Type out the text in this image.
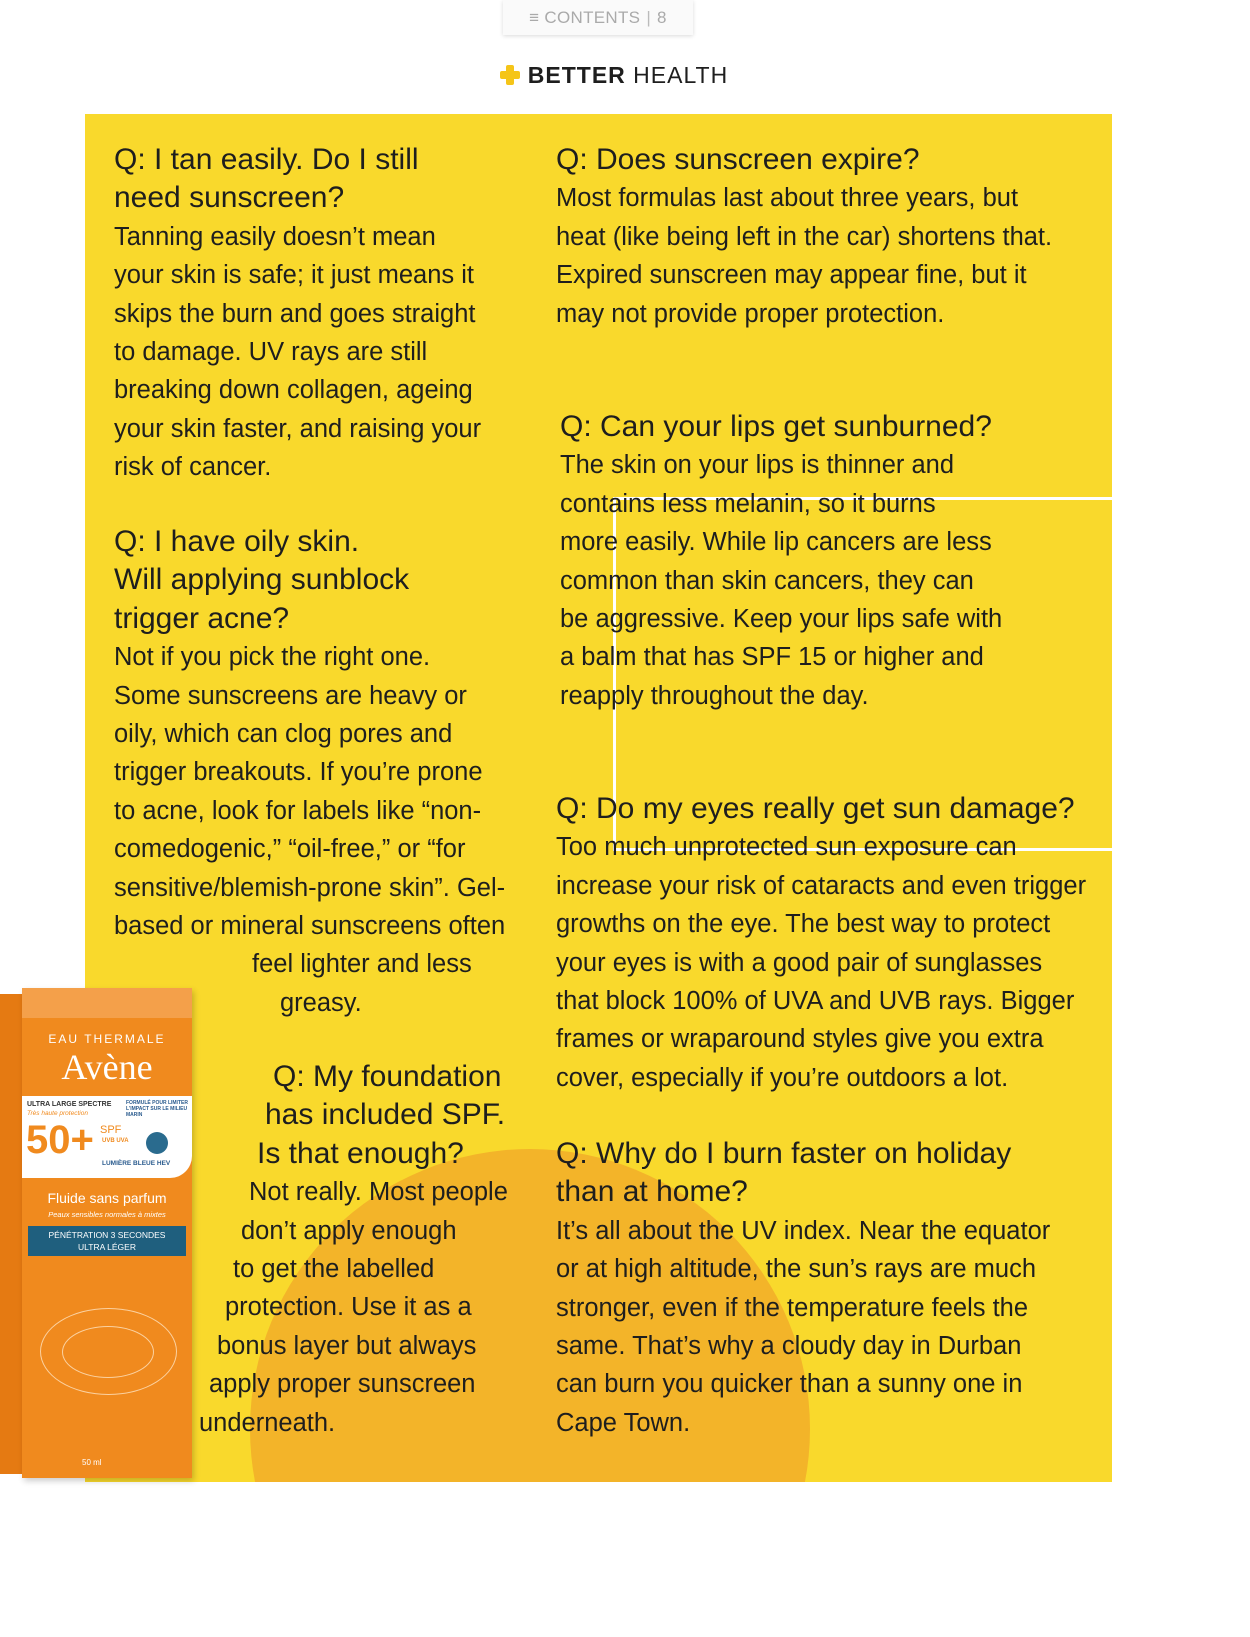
≡ CONTENTS | 8
BETTER HEALTH
Q: I tan easily. Do I still
need sunscreen?
Tanning easily doesn’t mean
your skin is safe; it just means it
skips the burn and goes straight
to damage. UV rays are still
breaking down collagen, ageing
your skin faster, and raising your
risk of cancer.
Q: I have oily skin.
Will applying sunblock
trigger acne?
Not if you pick the right one.
Some sunscreens are heavy or
oily, which can clog pores and
trigger breakouts. If you’re prone
to acne, look for labels like “non-
comedogenic,” “oil-free,” or “for
sensitive/blemish-prone skin”. Gel-
based or mineral sunscreens often
feel lighter and less
greasy.
Q: My foundation
has included SPF.
Is that enough?
Not really. Most people
don’t apply enough
to get the labelled
protection. Use it as a
bonus layer but always
apply proper sunscreen
underneath.
Q: Does sunscreen expire?
Most formulas last about three years, but
heat (like being left in the car) shortens that.
Expired sunscreen may appear fine, but it
may not provide proper protection.
Q: Can your lips get sunburned?
The skin on your lips is thinner and
contains less melanin, so it burns
more easily. While lip cancers are less
common than skin cancers, they can
be aggressive. Keep your lips safe with
a balm that has SPF 15 or higher and
reapply throughout the day.
Q: Do my eyes really get sun damage?
Too much unprotected sun exposure can
increase your risk of cataracts and even trigger
growths on the eye. The best way to protect
your eyes is with a good pair of sunglasses
that block 100% of UVA and UVB rays. Bigger
frames or wraparound styles give you extra
cover, especially if you’re outdoors a lot.
Q: Why do I burn faster on holiday
than at home?
It’s all about the UV index. Near the equator
or at high altitude, the sun’s rays are much
stronger, even if the temperature feels the
same. That’s why a cloudy day in Durban
can burn you quicker than a sunny one in
Cape Town.
EAU THERMALE
Avène
ULTRA LARGE SPECTRE
Très haute protection
FORMULÉ POUR LIMITER L'IMPACT SUR LE MILIEU MARIN
50+ SPF
UVB UVA
LUMIÈRE BLEUE HEV
Fluide sans parfum
Peaux sensibles normales à mixtes
PÉNÉTRATION 3 SECONDES
ULTRA LÉGER
50 ml
